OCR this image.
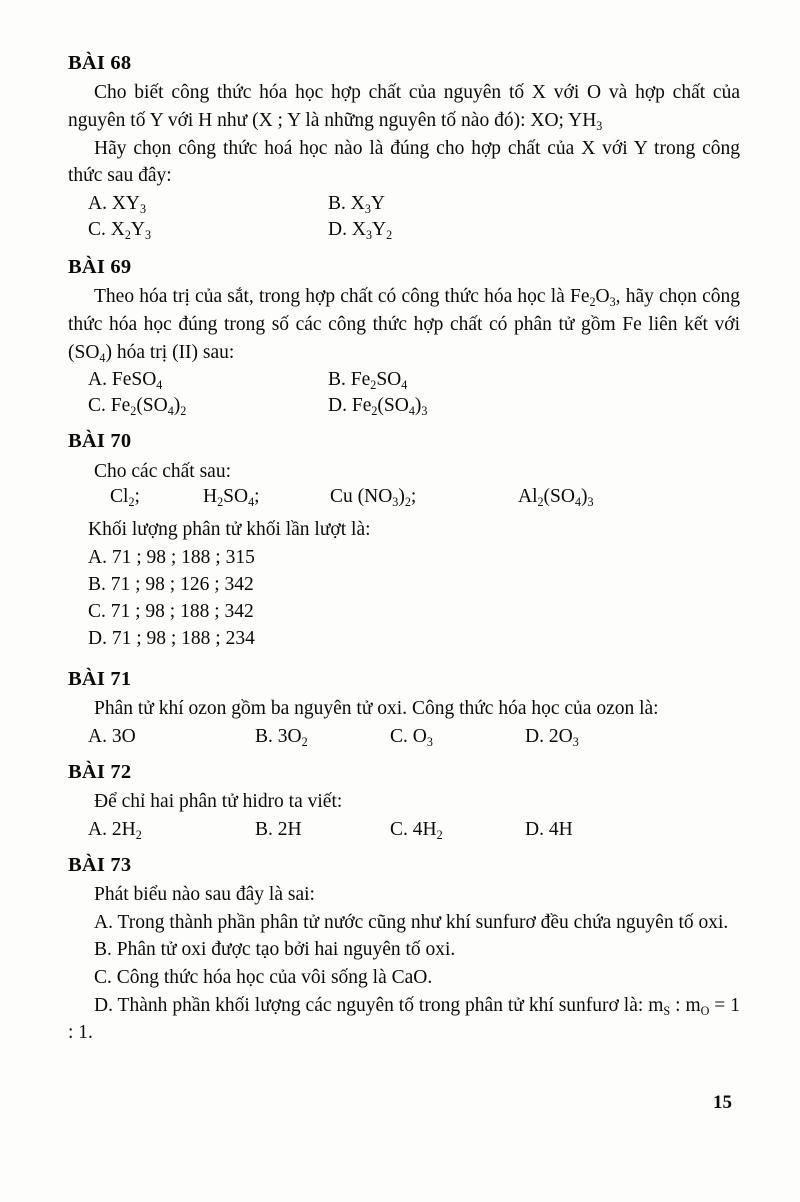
BÀI 68

Cho biết công thức hóa học hợp chất của nguyên tố X với O và hợp chất của nguyên tố Y với H như (X ; Y là những nguyên tố nào đó): XO; $YH_3$

Hãy chọn công thức hoá học nào là đúng cho hợp chất của X với Y trong công thức sau đây:

A. $XY_3$	B. $X_3Y$
C. $X_2Y_3$	D. $X_3Y_2$
BÀI 69

Theo hóa trị của sắt, trong hợp chất có công thức hóa học là $Fe_2O_3$, hãy chọn công thức hóa học đúng trong số các công thức hợp chất có phân tử gồm Fe liên kết với $(SO_4)$ hóa trị (II) sau:

A. FeSO$_4$	B. $Fe_2SO_4$
C. $Fe_2(SO_4)_2$	D. $Fe_2(SO_4)_3$
BÀI 70

Cho các chất sau:

$Cl_2$;	$H_2SO_4$;	Cu $(NO_3)_2$;	$Al_2(SO_4)_3$

Khối lượng phân tử khối lần lượt là:

A. 71 ; 98 ; 188 ; 315
B. 71 ; 98 ; 126 ; 342
C. 71 ; 98 ; 188 ; 342
D. 71 ; 98 ; 188 ; 234
BÀI 71

Phân tử khí ozon gồm ba nguyên tử oxi. Công thức hóa học của ozon là:

A. 3O	B. $3O_2$	C. $O_3$	D. $2O_3$
BÀI 72

Để chỉ hai phân tử hidro ta viết:

A. $2H_2$	B. 2H	C. $4H_2$	D. 4H
BÀI 73

Phát biểu nào sau đây là sai:

A. Trong thành phần phân tử nước cũng như khí sunfurơ đều chứa nguyên tố oxi.

B. Phân tử oxi được tạo bởi hai nguyên tố oxi.

C. Công thức hóa học của vôi sống là CaO.

D. Thành phần khối lượng các nguyên tố trong phân tử khí sunfurơ là: $m_S$ : $m_O = 1$ : 1.

15
